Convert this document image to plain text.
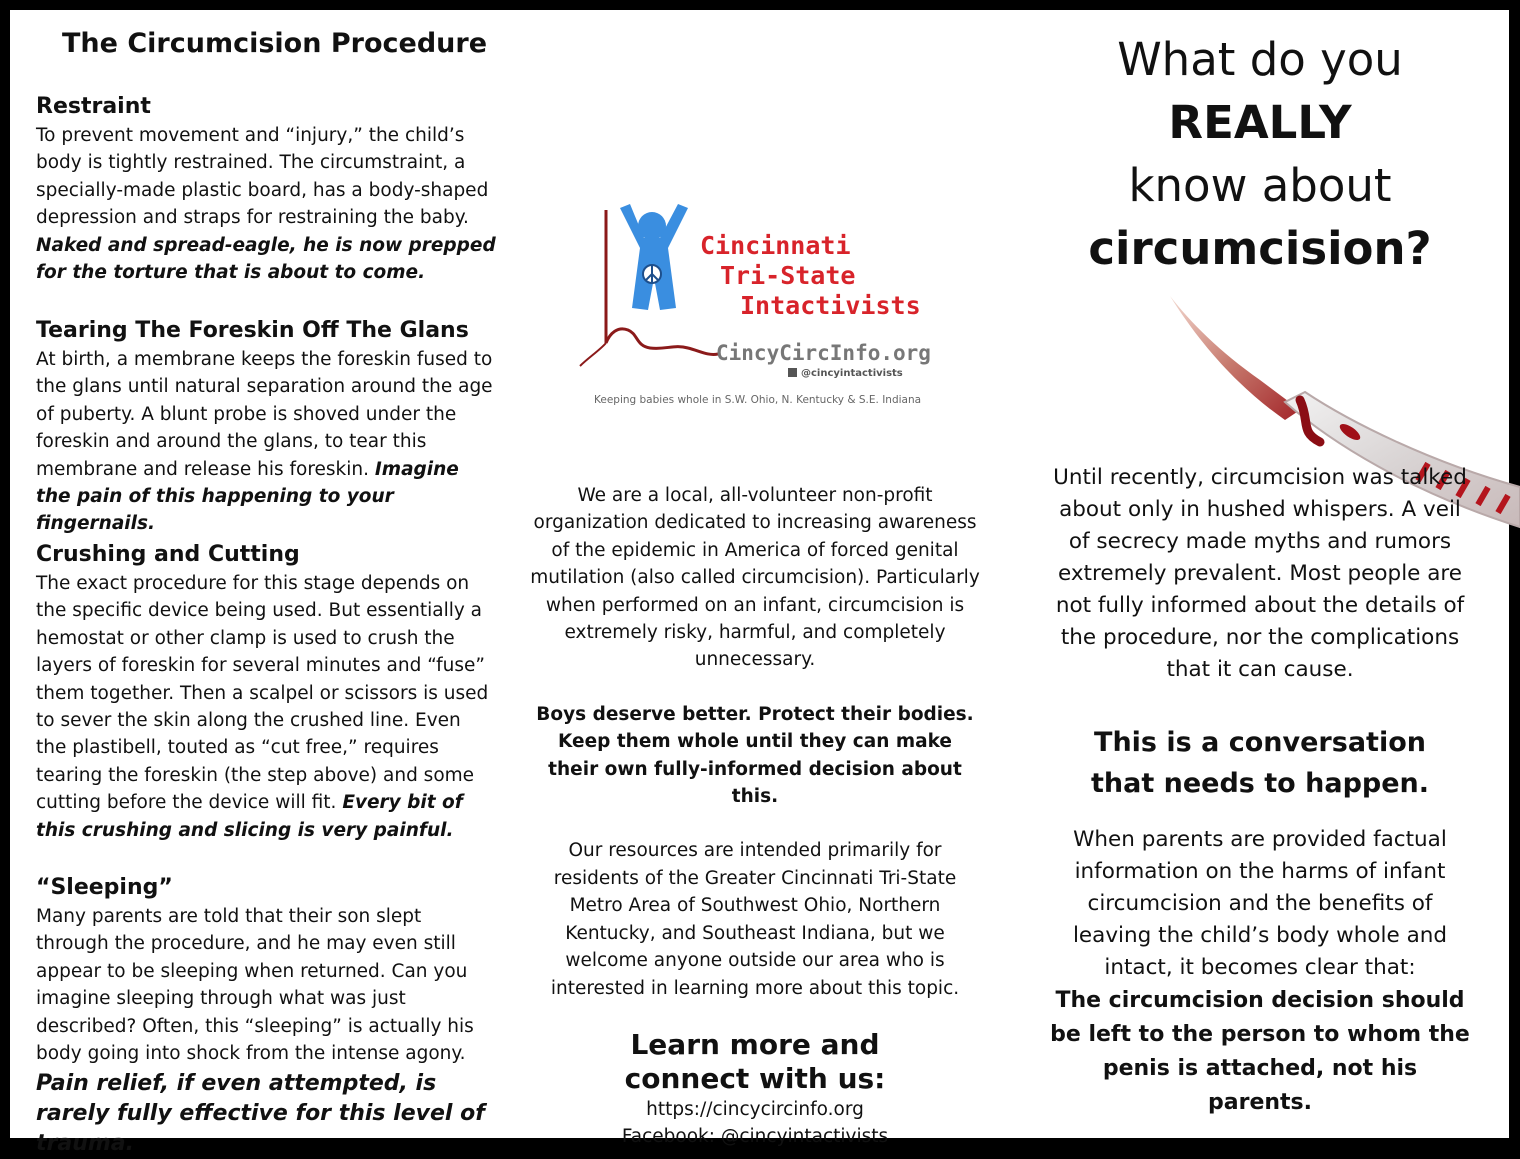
The Circumcision Procedure
Restraint

To prevent movement and “injury,” the child’s body is tightly restrained. The circumstraint, a specially-made plastic board, has a body-shaped depression and straps for restraining the baby. Naked and spread-eagle, he is now prepped for the torture that is about to come.

Tearing The Foreskin Off The Glans

At birth, a membrane keeps the foreskin fused to the glans until natural separation around the age of puberty. A blunt probe is shoved under the foreskin and around the glans, to tear this membrane and release his foreskin. Imagine the pain of this happening to your fingernails.

Crushing and Cutting

The exact procedure for this stage depends on the specific device being used. But essentially a hemostat or other clamp is used to crush the layers of foreskin for several minutes and “fuse” them together. Then a scalpel or scissors is used to sever the skin along the crushed line. Even the plastibell, touted as “cut free,” requires tearing the foreskin (the step above) and some cutting before the device will fit. Every bit of this crushing and slicing is very painful.

“Sleeping”

Many parents are told that their son slept through the procedure, and he may even still appear to be sleeping when returned. Can you imagine sleeping through what was just described? Often, this “sleeping” is actually his body going into shock from the intense agony.

Pain relief, if even attempted, is rarely fully effective for this level of trauma.
Cincinnati
Tri-State
Intactivists
CincyCircInfo.org
@cincyintactivists
Keeping babies whole in S.W. Ohio, N. Kentucky & S.E. Indiana

We are a local, all-volunteer non-profit organization dedicated to increasing awareness of the epidemic in America of forced genital mutilation (also called circumcision). Particularly when performed on an infant, circumcision is extremely risky, harmful, and completely unnecessary.

Boys deserve better. Protect their bodies. Keep them whole until they can make their own fully-informed decision about this.

Our resources are intended primarily for residents of the Greater Cincinnati Tri-State Metro Area of Southwest Ohio, Northern Kentucky, and Southeast Indiana, but we welcome anyone outside our area who is interested in learning more about this topic.

Learn more and
connect with us:
https://cincycircinfo.org
Facebook: @cincyintactivists
What do you
REALLY
know about
circumcision?

Until recently, circumcision was talked about only in hushed whispers. A veil of secrecy made myths and rumors extremely prevalent. Most people are not fully informed about the details of the procedure, nor the complications that it can cause.

This is a conversation
that needs to happen.

When parents are provided factual information on the harms of infant circumcision and the benefits of leaving the child’s body whole and intact, it becomes clear that:

The circumcision decision should be left to the person to whom the penis is attached, not his parents.
